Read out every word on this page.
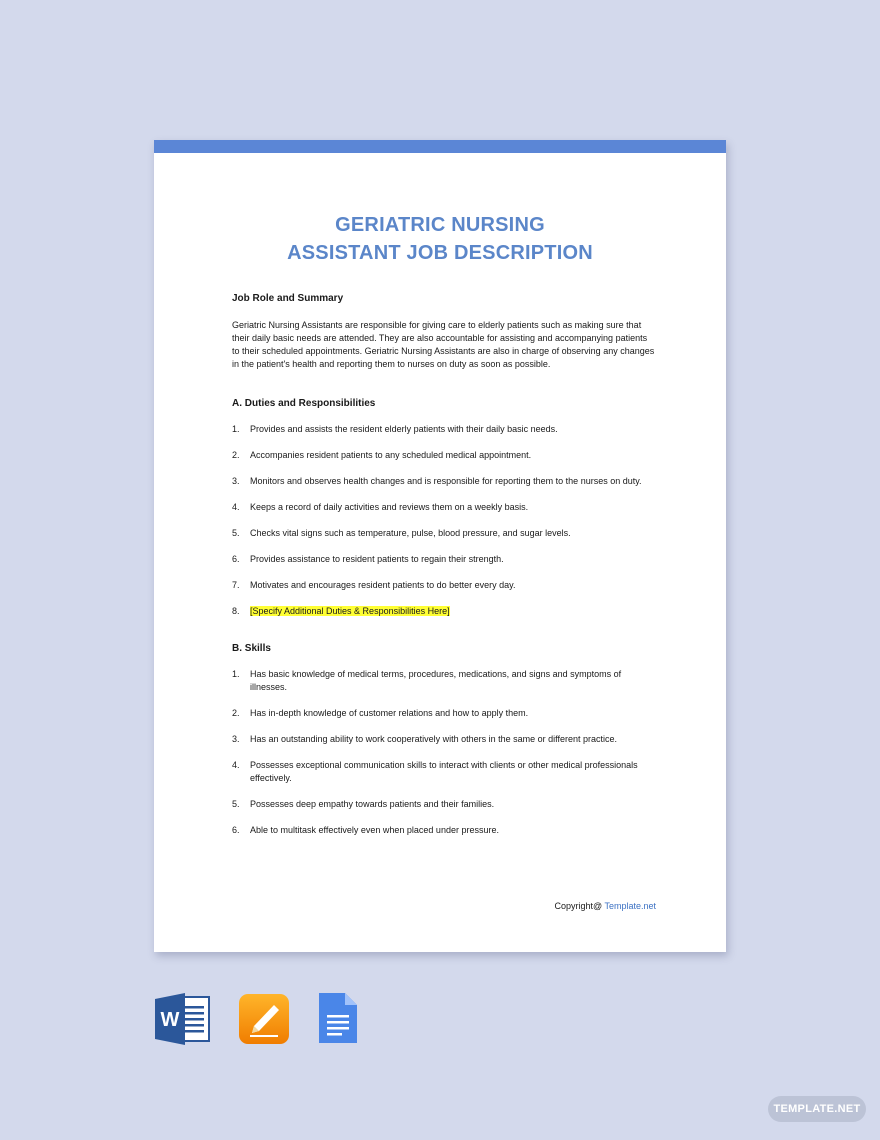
GERIATRIC NURSING
ASSISTANT JOB DESCRIPTION

Job Role and Summary

Geriatric Nursing Assistants are responsible for giving care to elderly patients such as making sure that their daily basic needs are attended. They are also accountable for assisting and accompanying patients to their scheduled appointments. Geriatric Nursing Assistants are also in charge of observing any changes in the patient's health and reporting them to nurses on duty as soon as possible.

A. Duties and Responsibilities

1. Provides and assists the resident elderly patients with their daily basic needs.
2. Accompanies resident patients to any scheduled medical appointment.
3. Monitors and observes health changes and is responsible for reporting them to the nurses on duty.
4. Keeps a record of daily activities and reviews them on a weekly basis.
5. Checks vital signs such as temperature, pulse, blood pressure, and sugar levels.
6. Provides assistance to resident patients to regain their strength.
7. Motivates and encourages resident patients to do better every day.
8. [Specify Additional Duties & Responsibilities Here]

B. Skills

1. Has basic knowledge of medical terms, procedures, medications, and signs and symptoms of illnesses.
2. Has in-depth knowledge of customer relations and how to apply them.
3. Has an outstanding ability to work cooperatively with others in the same or different practice.
4. Possesses exceptional communication skills to interact with clients or other medical professionals effectively.
5. Possesses deep empathy towards patients and their families.
6. Able to multitask effectively even when placed under pressure.
Copyright@ Template.net
W
TEMPLATE.NET
